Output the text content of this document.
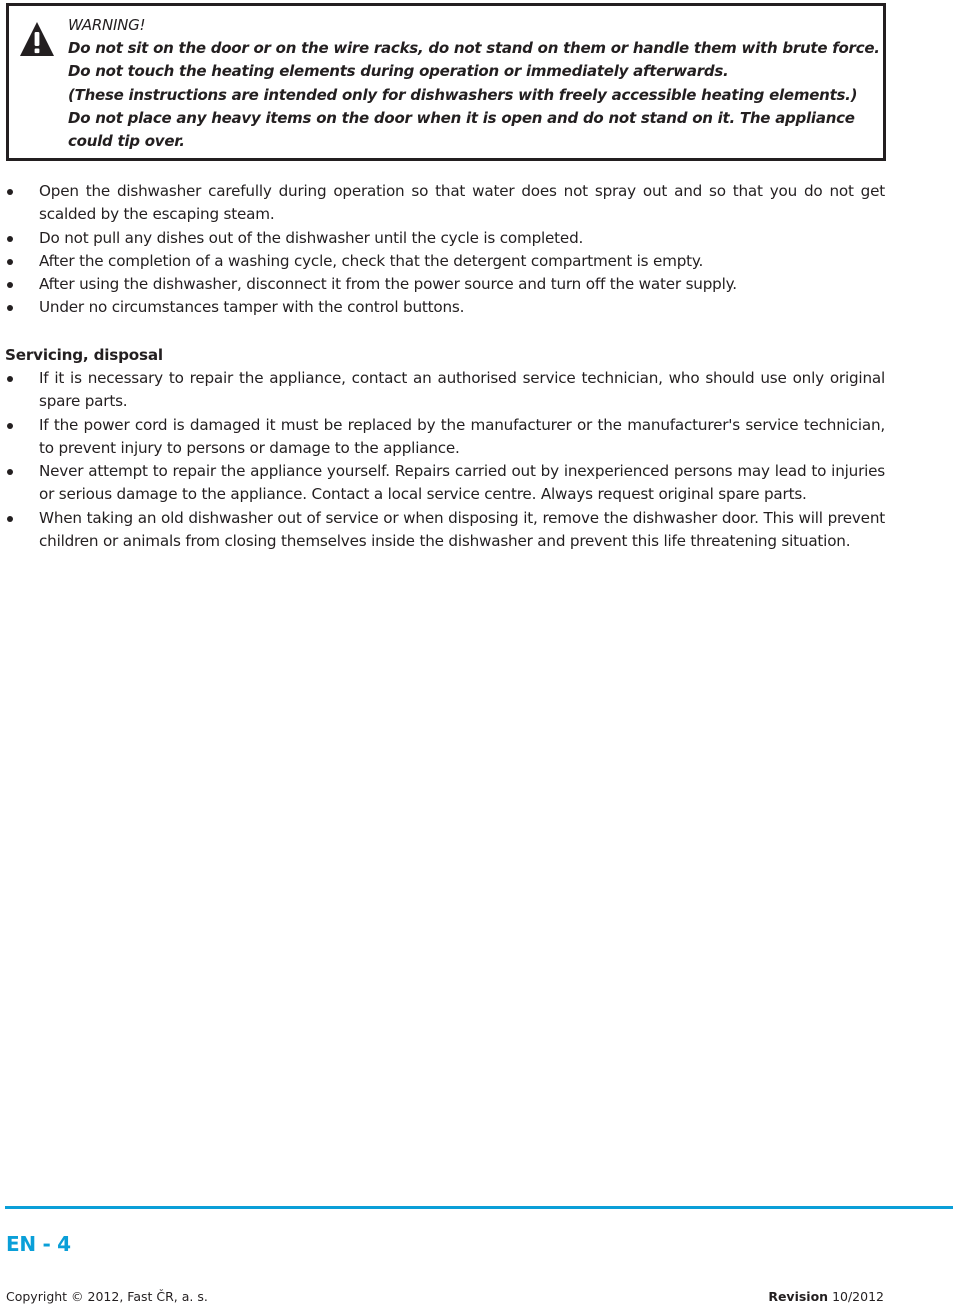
WARNING!
Do not sit on the door or on the wire racks, do not stand on them or handle them with brute force.
Do not touch the heating elements during operation or immediately afterwards.
(These instructions are intended only for dishwashers with freely accessible heating elements.)
Do not place any heavy items on the door when it is open and do not stand on it. The appliance could tip over.
Open the dishwasher carefully during operation so that water does not spray out and so that you do not get scalded by the escaping steam.
Do not pull any dishes out of the dishwasher until the cycle is completed.
After the completion of a washing cycle, check that the detergent compartment is empty.
After using the dishwasher, disconnect it from the power source and turn off the water supply.
Under no circumstances tamper with the control buttons.
Servicing, disposal
If it is necessary to repair the appliance, contact an authorised service technician, who should use only original spare parts.
If the power cord is damaged it must be replaced by the manufacturer or the manufacturer's service technician, to prevent injury to persons or damage to the appliance.
Never attempt to repair the appliance yourself. Repairs carried out by inexperienced persons may lead to injuries or serious damage to the appliance. Contact a local service centre. Always request original spare parts.
When taking an old dishwasher out of service or when disposing it, remove the dishwasher door. This will prevent children or animals from closing themselves inside the dishwasher and prevent this life threatening situation.
EN - 4
Copyright © 2012, Fast ČR, a. s.	Revision 10/2012
